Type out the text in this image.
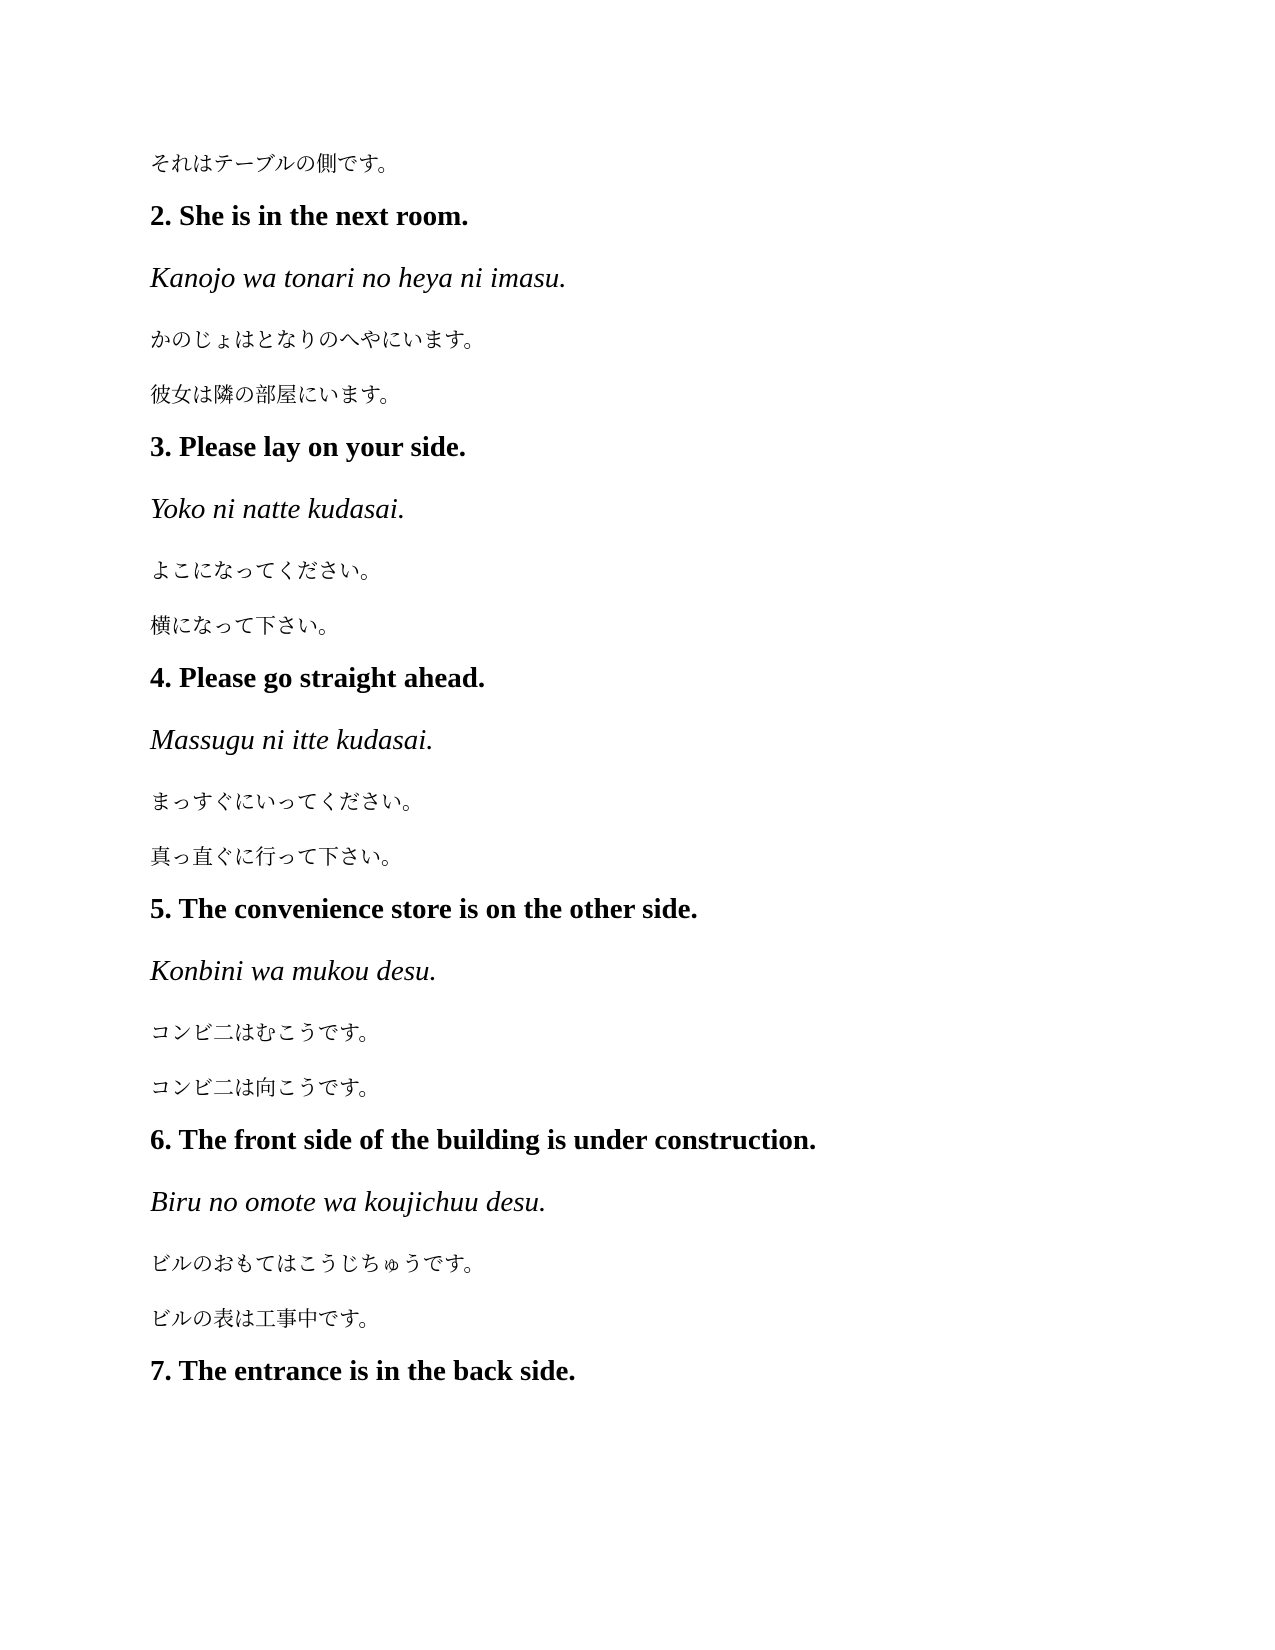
それはテーブルの側です。

2. She is in the next room.

Kanojo wa tonari no heya ni imasu.

かのじょはとなりのへやにいます。

彼女は隣の部屋にいます。

3. Please lay on your side.

Yoko ni natte kudasai.

よこになってください。

横になって下さい。

4. Please go straight ahead.

Massugu ni itte kudasai.

まっすぐにいってください。

真っ直ぐに行って下さい。

5. The convenience store is on the other side.

Konbini wa mukou desu.

コンビ二はむこうです。

コンビ二は向こうです。

6. The front side of the building is under construction.

Biru no omote wa koujichuu desu.

ビルのおもてはこうじちゅうです。

ビルの表は工事中です。

7. The entrance is in the back side.
